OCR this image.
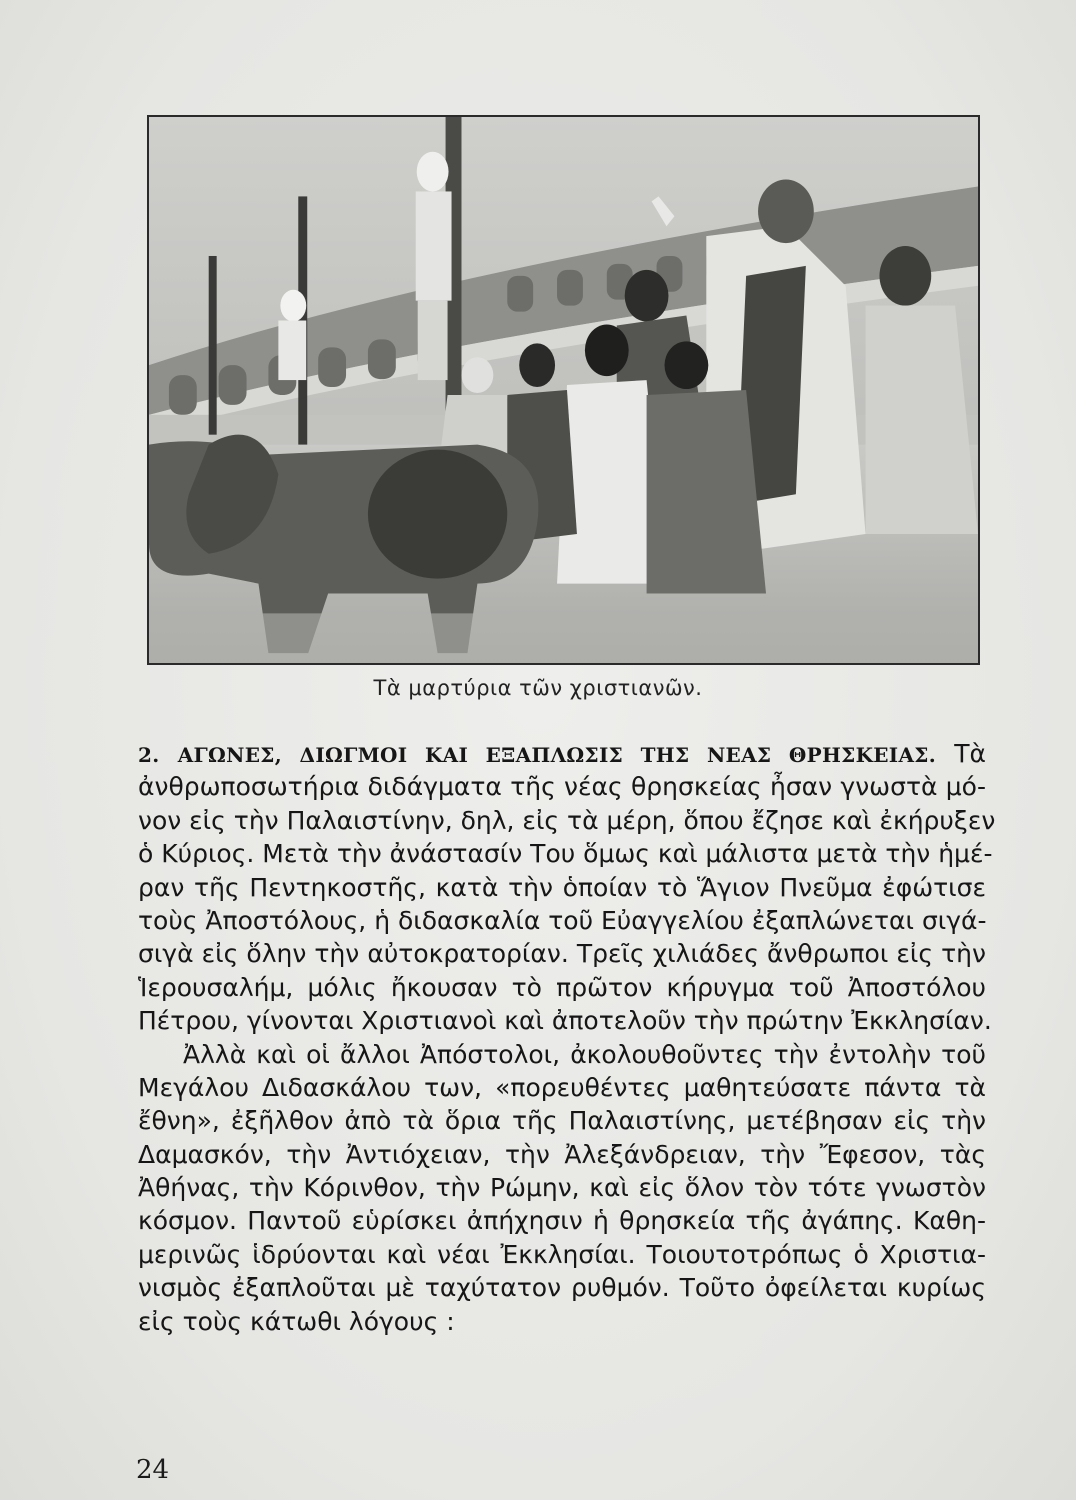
Τὰ μαρτύρια τῶν χριστιανῶν.
2. ΑΓΩΝΕΣ, ΔΙΩΓΜΟΙ ΚΑΙ ΕΞΑΠΛΩΣΙΣ ΤΗΣ ΝΕΑΣ ΘΡΗΣΚΕΙΑΣ. Τὰ
ἀνθρωποσωτήρια διδάγματα τῆς νέας θρησκείας ἦσαν γνωστὰ μό-
νον εἰς τὴν Παλαιστίνην, δηλ, εἰς τὰ μέρη, ὅπου ἔζησε καὶ ἐκήρυξεν
ὁ Κύριος. Μετὰ τὴν ἀνάστασίν Του ὅμως καὶ μάλιστα μετὰ τὴν ἡμέ-
ραν τῆς Πεντηκοστῆς, κατὰ τὴν ὁποίαν τὸ Ἅγιον Πνεῦμα ἐφώτισε
τοὺς Ἀποστόλους, ἡ διδασκαλία τοῦ Εὐαγγελίου ἐξαπλώνεται σιγά-
σιγὰ εἰς ὅλην τὴν αὐτοκρατορίαν. Τρεῖς χιλιάδες ἄνθρωποι εἰς τὴν
Ἱερουσαλήμ, μόλις ἤκουσαν τὸ πρῶτον κήρυγμα τοῦ Ἀποστόλου
Πέτρου, γίνονται Χριστιανοὶ καὶ ἀποτελοῦν τὴν πρώτην Ἐκκλησίαν.
Ἀλλὰ καὶ οἱ ἄλλοι Ἀπόστολοι, ἀκολουθοῦντες τὴν ἐντολὴν τοῦ
Μεγάλου Διδασκάλου των, «πορευθέντες μαθητεύσατε πάντα τὰ
ἔθνη», ἐξῆλθον ἀπὸ τὰ ὅρια τῆς Παλαιστίνης, μετέβησαν εἰς τὴν
Δαμασκόν, τὴν Ἀντιόχειαν, τὴν Ἀλεξάνδρειαν, τὴν Ἔφεσον, τὰς
Ἀθήνας, τὴν Κόρινθον, τὴν Ρώμην, καὶ εἰς ὅλον τὸν τότε γνωστὸν
κόσμον. Παντοῦ εὑρίσκει ἀπήχησιν ἡ θρησκεία τῆς ἀγάπης. Καθη-
μερινῶς ἱδρύονται καὶ νέαι Ἐκκλησίαι. Τοιουτοτρόπως ὁ Χριστια-
νισμὸς ἐξαπλοῦται μὲ ταχύτατον ρυθμόν. Τοῦτο ὀφείλεται κυρίως
εἰς τοὺς κάτωθι λόγους :
24
